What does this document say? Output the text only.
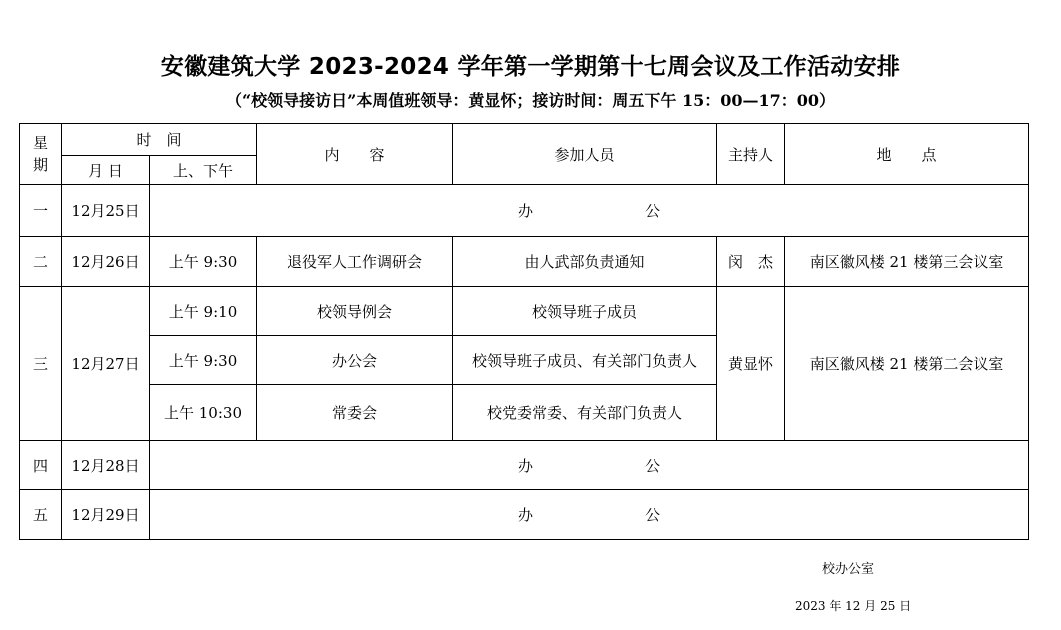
安徽建筑大学 2023-2024 学年第一学期第十七周会议及工作活动安排
（“校领导接访日”本周值班领导：黄显怀；接访时间：周五下午 15：00—17：00）
星期	时　间		内　　容	参加人员	主持人	地　　点
	月 日	上、下午				
一	12月25日	办 公				
二	12月26日	上午 9:30	退役军人工作调研会	由人武部负责通知	闵　杰	南区徽风楼 21 楼第三会议室
三	12月27日	上午 9:10	校领导例会	校领导班子成员	黄显怀	南区徽风楼 21 楼第二会议室
		上午 9:30	办公会	校领导班子成员、有关部门负责人		
		上午 10:30	常委会	校党委常委、有关部门负责人		
四	12月28日	办 公				
五	12月29日	办 公				
校办公室
2023 年 12 月 25 日
